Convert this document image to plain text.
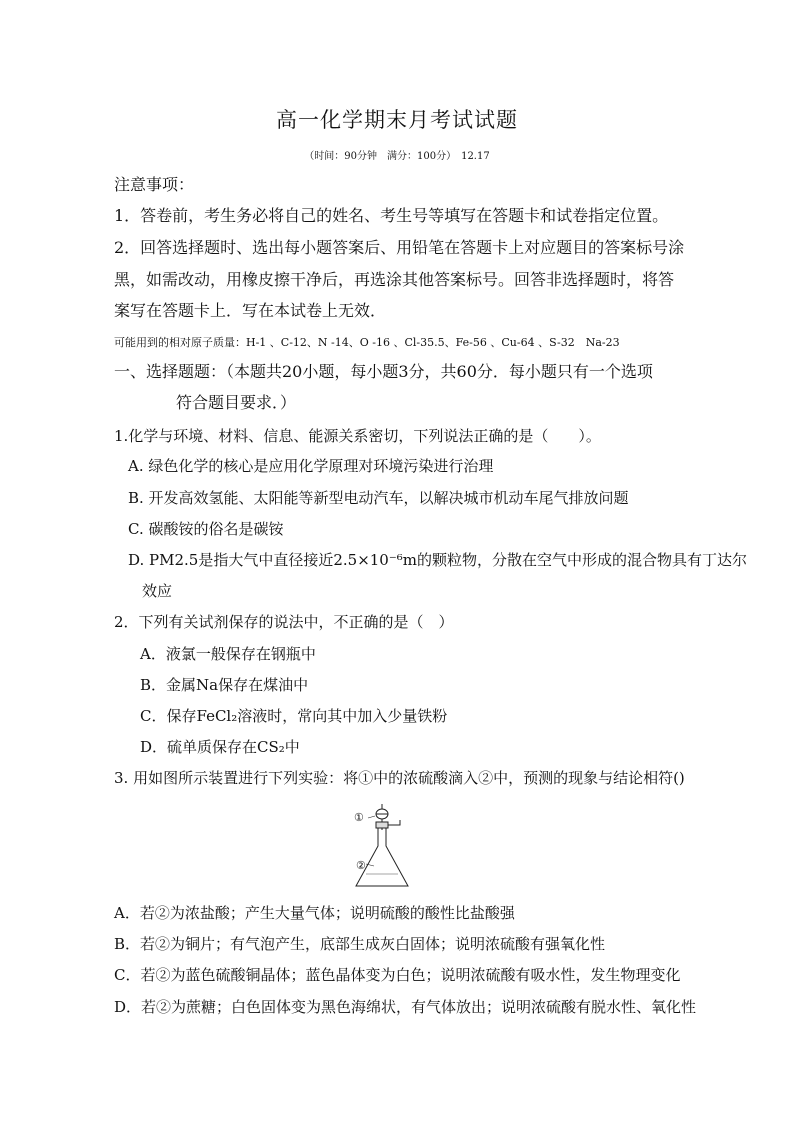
高一化学期末月考试试题
（时间：90分钟　满分：100分）　12.17
注意事项：
1．答卷前，考生务必将自己的姓名、考生号等填写在答题卡和试卷指定位置。
2．回答选择题时、选出每小题答案后、用铅笔在答题卡上对应题目的答案标号涂
黑，如需改动，用橡皮擦干净后，再选涂其他答案标号。回答非选择题时，将答
案写在答题卡上．写在本试卷上无效．
可能用到的相对原子质量：H-1 、C-12、N -14、O -16 、Cl-35.5、Fe-56 、Cu-64 、S-32　Na-23
一、选择题题：（本题共20小题，每小题3分，共60分．每小题只有一个选项
符合题目要求．）
1.化学与环境、材料、信息、能源关系密切，下列说法正确的是（　　）。
A. 绿色化学的核心是应用化学原理对环境污染进行治理
B. 开发高效氢能、太阳能等新型电动汽车，以解决城市机动车尾气排放问题
C. 碳酸铵的俗名是碳铵
D. PM2.5是指大气中直径接近2.5×10⁻⁶m的颗粒物，分散在空气中形成的混合物具有丁达尔
效应
2．下列有关试剂保存的说法中，不正确的是（　）
A．液氯一般保存在钢瓶中
B．金属Na保存在煤油中
C．保存FeCl₂溶液时，常向其中加入少量铁粉
D．硫单质保存在CS₂中
3. 用如图所示装置进行下列实验：将①中的浓硫酸滴入②中，预测的现象与结论相符()
①
②
A．若②为浓盐酸；产生大量气体；说明硫酸的酸性比盐酸强
B．若②为铜片；有气泡产生，底部生成灰白固体；说明浓硫酸有强氧化性
C．若②为蓝色硫酸铜晶体；蓝色晶体变为白色；说明浓硫酸有吸水性，发生物理变化
D．若②为蔗糖；白色固体变为黑色海绵状，有气体放出；说明浓硫酸有脱水性、氧化性
